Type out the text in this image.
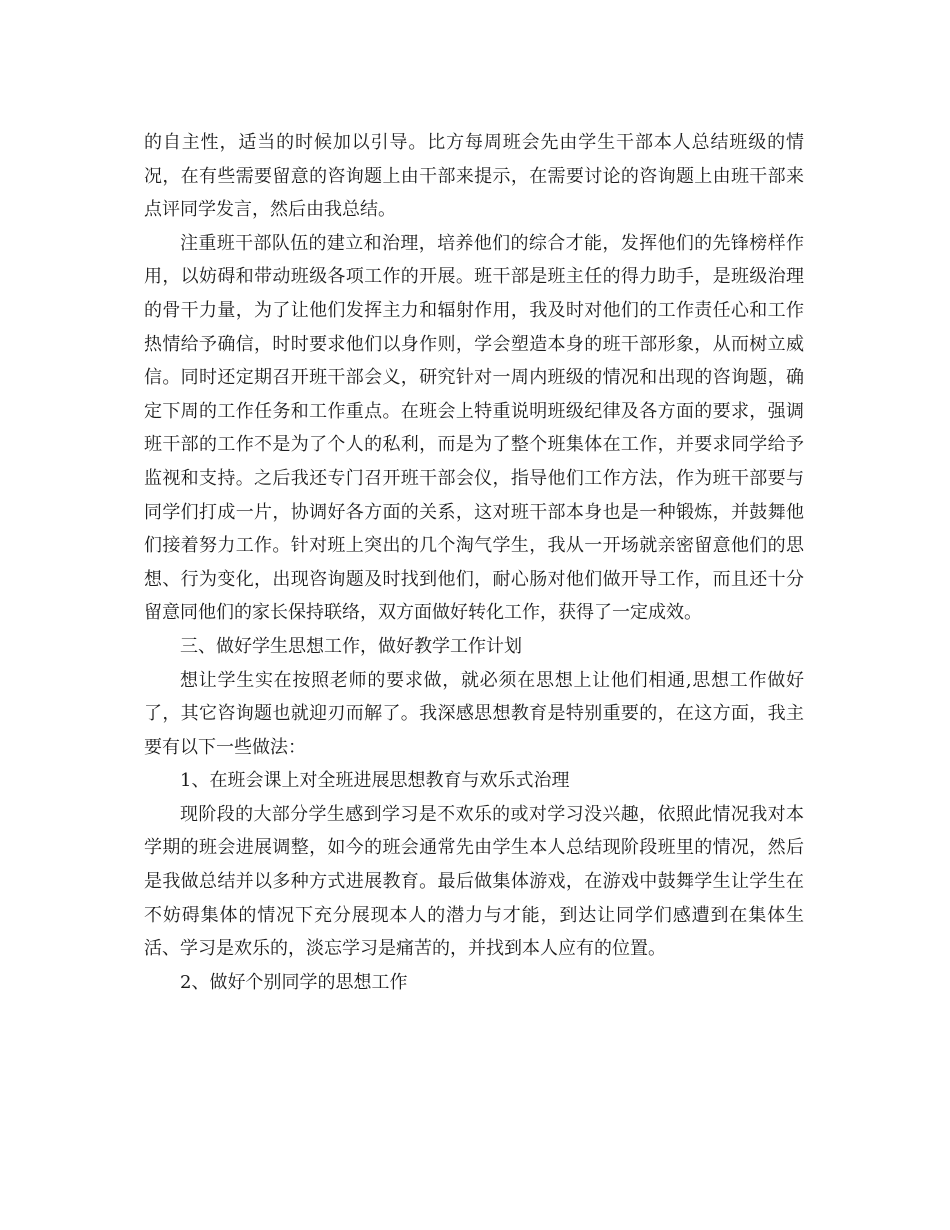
的自主性，适当的时候加以引导。比方每周班会先由学生干部本人总结班级的情况，在有些需要留意的咨询题上由干部来提示，在需要讨论的咨询题上由班干部来点评同学发言，然后由我总结。

注重班干部队伍的建立和治理，培养他们的综合才能，发挥他们的先锋榜样作用，以妨碍和带动班级各项工作的开展。班干部是班主任的得力助手，是班级治理的骨干力量，为了让他们发挥主力和辐射作用，我及时对他们的工作责任心和工作热情给予确信，时时要求他们以身作则，学会塑造本身的班干部形象，从而树立威信。同时还定期召开班干部会义，研究针对一周内班级的情况和出现的咨询题，确定下周的工作任务和工作重点。在班会上特重说明班级纪律及各方面的要求，强调班干部的工作不是为了个人的私利，而是为了整个班集体在工作，并要求同学给予监视和支持。之后我还专门召开班干部会仪，指导他们工作方法，作为班干部要与同学们打成一片，协调好各方面的关系，这对班干部本身也是一种锻炼，并鼓舞他们接着努力工作。针对班上突出的几个淘气学生，我从一开场就亲密留意他们的思想、行为变化，出现咨询题及时找到他们，耐心肠对他们做开导工作，而且还十分留意同他们的家长保持联络，双方面做好转化工作，获得了一定成效。

三、做好学生思想工作，做好教学工作计划

想让学生实在按照老师的要求做，就必须在思想上让他们相通,思想工作做好了，其它咨询题也就迎刃而解了。我深感思想教育是特别重要的，在这方面，我主要有以下一些做法：

1、在班会课上对全班进展思想教育与欢乐式治理

现阶段的大部分学生感到学习是不欢乐的或对学习没兴趣，依照此情况我对本学期的班会进展调整，如今的班会通常先由学生本人总结现阶段班里的情况，然后是我做总结并以多种方式进展教育。最后做集体游戏，在游戏中鼓舞学生让学生在不妨碍集体的情况下充分展现本人的潜力与才能，到达让同学们感遭到在集体生活、学习是欢乐的，淡忘学习是痛苦的，并找到本人应有的位置。

2、做好个别同学的思想工作
